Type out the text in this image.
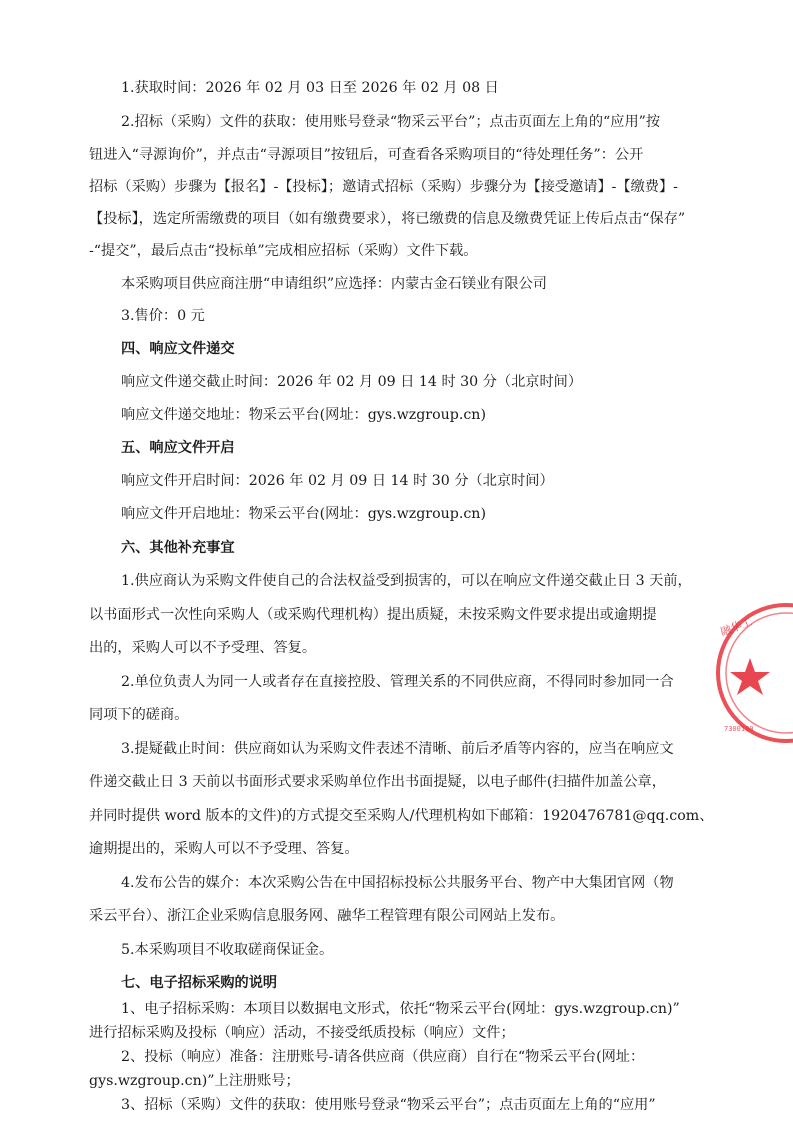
1.获取时间：2026 年 02 月 03 日至 2026 年 02 月 08 日
2.招标（采购）文件的获取：使用账号登录“物采云平台”；点击页面左上角的“应用”按
钮进入“寻源询价”，并点击“寻源项目”按钮后，可查看各采购项目的“待处理任务”：公开
招标（采购）步骤为【报名】-【投标】；邀请式招标（采购）步骤分为【接受邀请】-【缴费】-
【投标】，选定所需缴费的项目（如有缴费要求），将已缴费的信息及缴费凭证上传后点击“保存”
-“提交”，最后点击“投标单”完成相应招标（采购）文件下载。
本采购项目供应商注册“申请组织”应选择：内蒙古金石镁业有限公司
3.售价：0 元
四、响应文件递交
响应文件递交截止时间：2026 年 02 月 09 日 14 时 30 分（北京时间）
响应文件递交地址：物采云平台(网址：gys.wzgroup.cn)
五、响应文件开启
响应文件开启时间：2026 年 02 月 09 日 14 时 30 分（北京时间）
响应文件开启地址：物采云平台(网址：gys.wzgroup.cn)
六、其他补充事宜
1.供应商认为采购文件使自己的合法权益受到损害的，可以在响应文件递交截止日 3 天前，
以书面形式一次性向采购人（或采购代理机构）提出质疑，未按采购文件要求提出或逾期提
出的，采购人可以不予受理、答复。
2.单位负责人为同一人或者存在直接控股、管理关系的不同供应商，不得同时参加同一合
同项下的磋商。
3.提疑截止时间：供应商如认为采购文件表述不清晰、前后矛盾等内容的，应当在响应文
件递交截止日 3 天前以书面形式要求采购单位作出书面提疑，以电子邮件(扫描件加盖公章，
并同时提供 word 版本的文件)的方式提交至采购人/代理机构如下邮箱：1920476781@qq.com、
逾期提出的，采购人可以不予受理、答复。
4.发布公告的媒介：本次采购公告在中国招标投标公共服务平台、物产中大集团官网（物
采云平台）、浙江企业采购信息服务网、融华工程管理有限公司网站上发布。
5.本采购项目不收取磋商保证金。
七、电子招标采购的说明
1、电子招标采购：本项目以数据电文形式，依托“物采云平台(网址：gys.wzgroup.cn)”
进行招标采购及投标（响应）活动，不接受纸质投标（响应）文件；
2、投标（响应）准备：注册账号-请各供应商（供应商）自行在“物采云平台(网址：
gys.wzgroup.cn)”上注册账号；
3、招标（采购）文件的获取：使用账号登录“物采云平台”；点击页面左上角的“应用”
融华工
7300100
